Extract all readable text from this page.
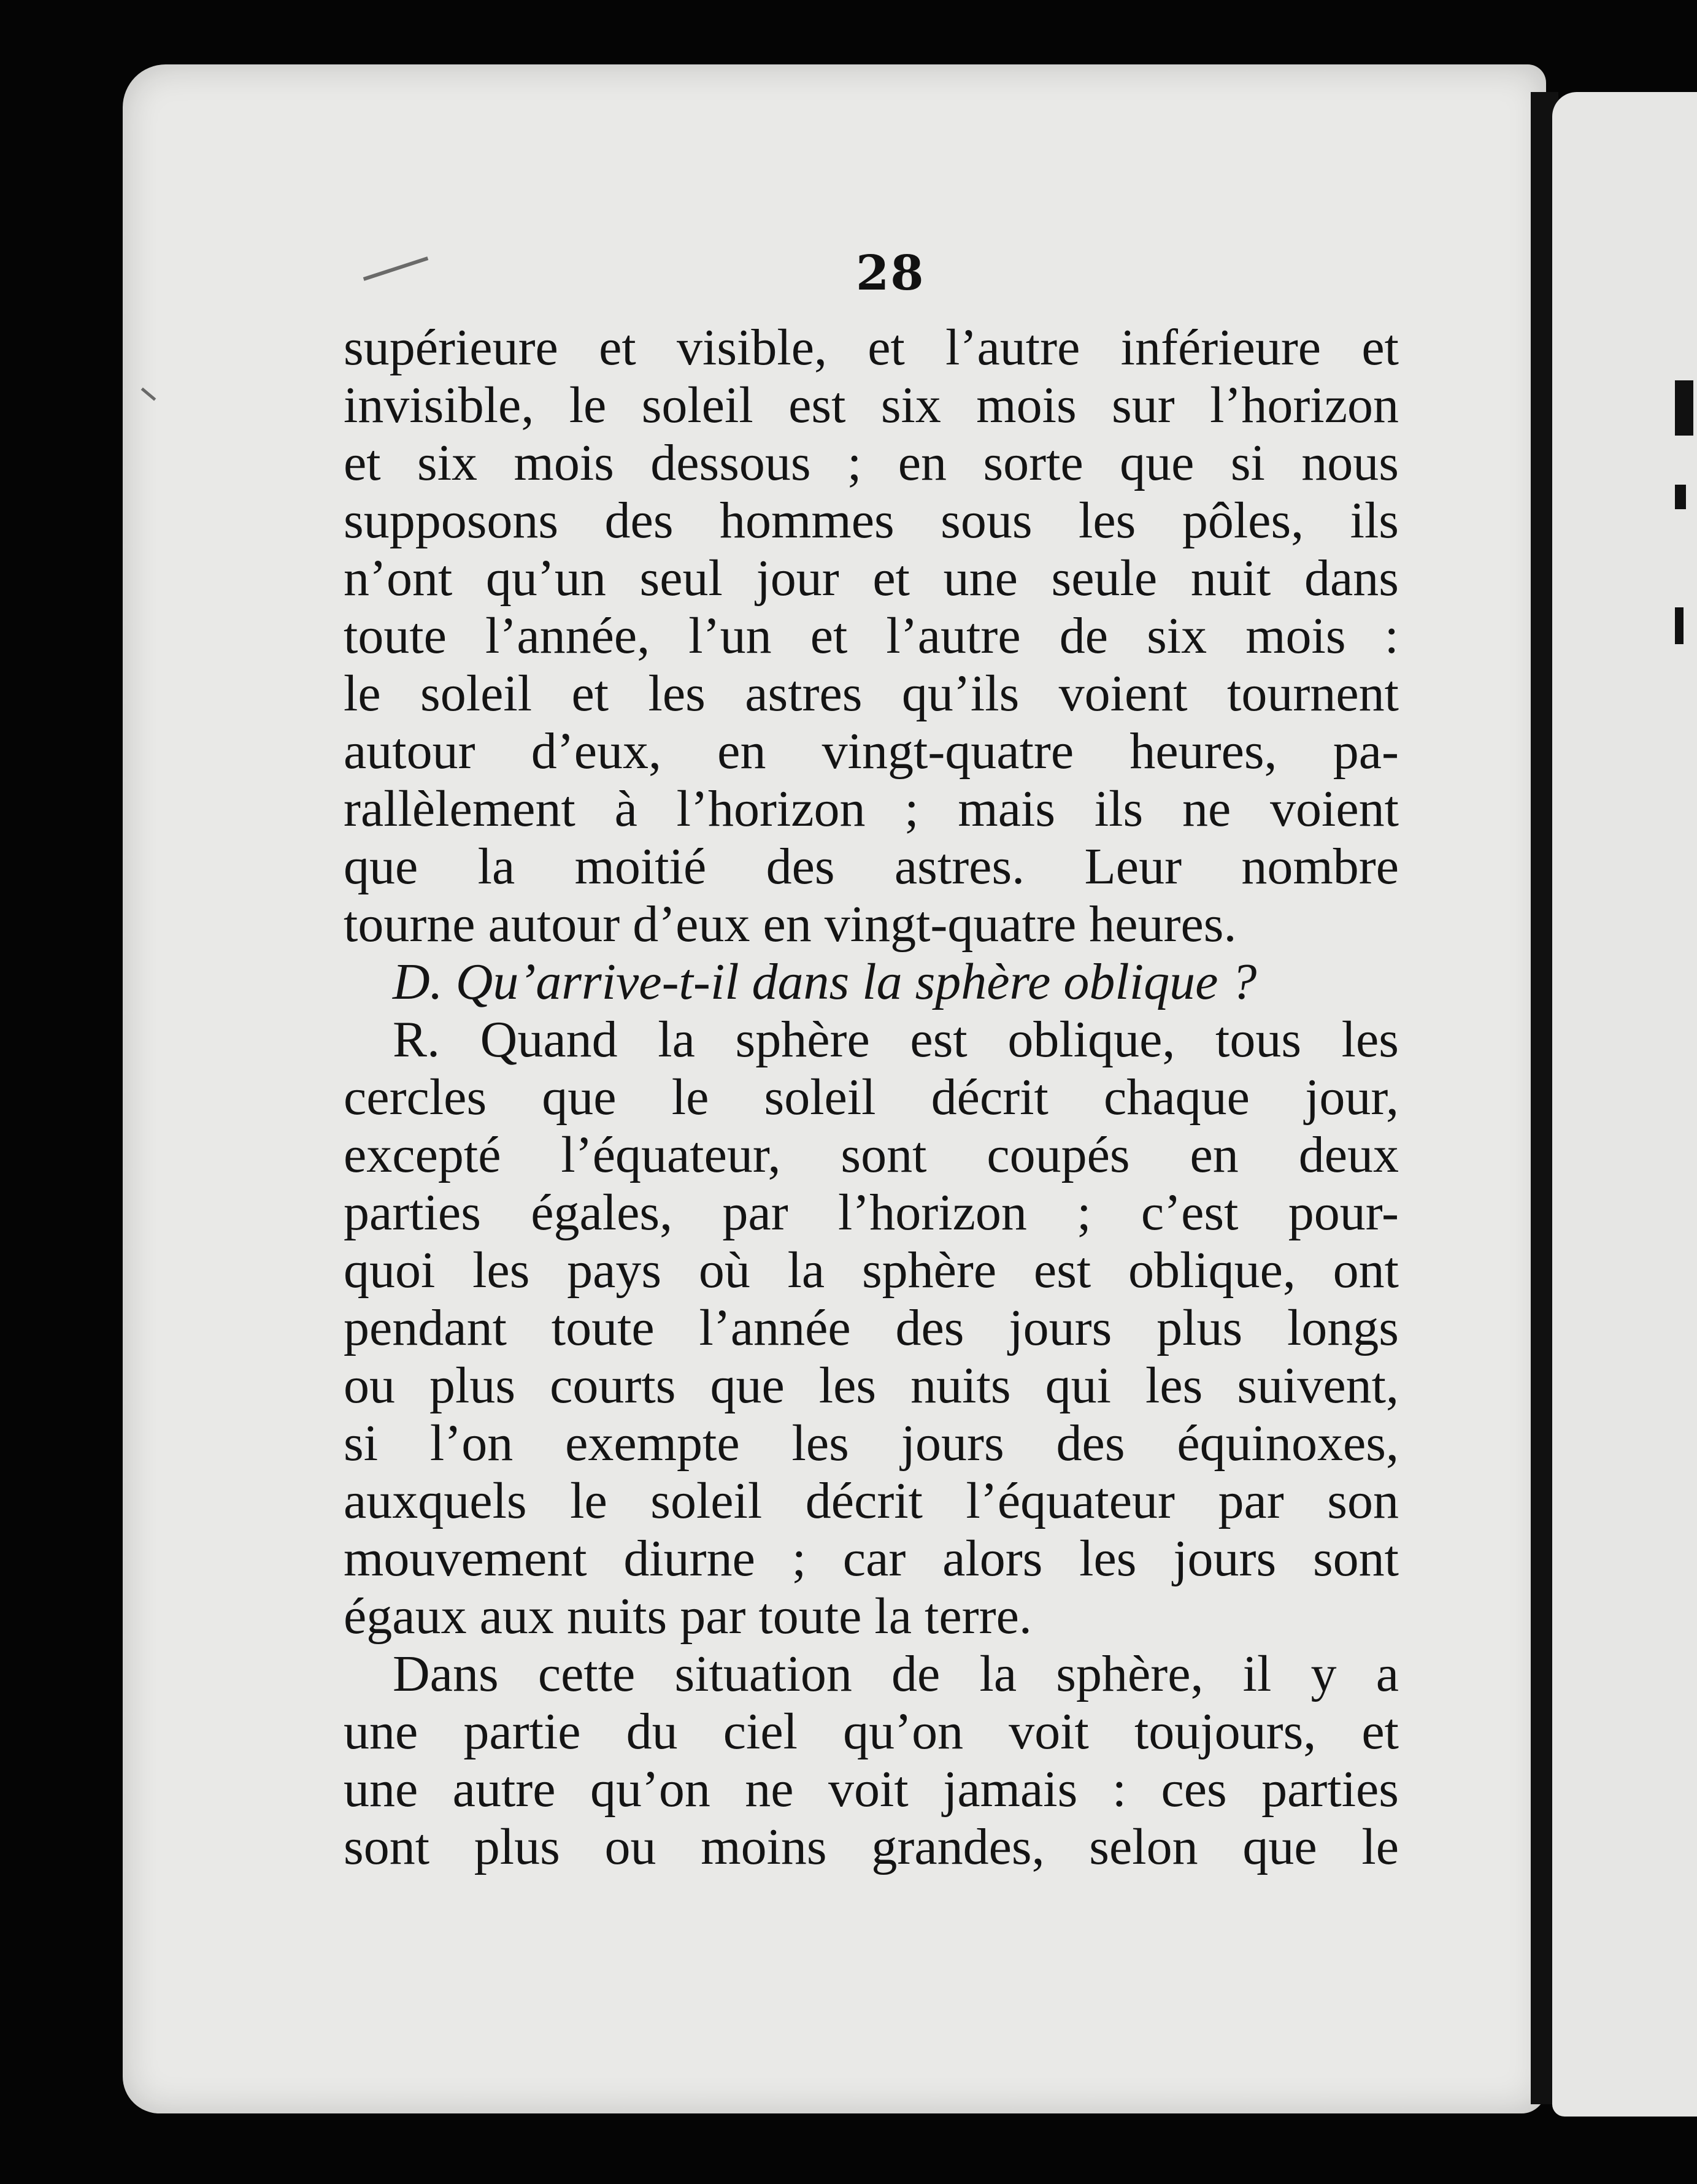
28
supérieure et visible, et l’autre inférieure et
invisible, le soleil est six mois sur l’horizon
et six mois dessous ; en sorte que si nous
supposons des hommes sous les pôles, ils
n’ont qu’un seul jour et une seule nuit dans
toute l’année, l’un et l’autre de six mois :
le soleil et les astres qu’ils voient tournent
autour d’eux, en vingt-quatre heures, pa-
rallèlement à l’horizon ; mais ils ne voient
que la moitié des astres. Leur nombre
tourne autour d’eux en vingt-quatre heures.
D. Qu’arrive-t-il dans la sphère oblique ?
R. Quand la sphère est oblique, tous les
cercles que le soleil décrit chaque jour,
excepté l’équateur, sont coupés en deux
parties égales, par l’horizon ; c’est pour-
quoi les pays où la sphère est oblique, ont
pendant toute l’année des jours plus longs
ou plus courts que les nuits qui les suivent,
si l’on exempte les jours des équinoxes,
auxquels le soleil décrit l’équateur par son
mouvement diurne ; car alors les jours sont
égaux aux nuits par toute la terre.
Dans cette situation de la sphère, il y a
une partie du ciel qu’on voit toujours, et
une autre qu’on ne voit jamais : ces parties
sont plus ou moins grandes, selon que le
